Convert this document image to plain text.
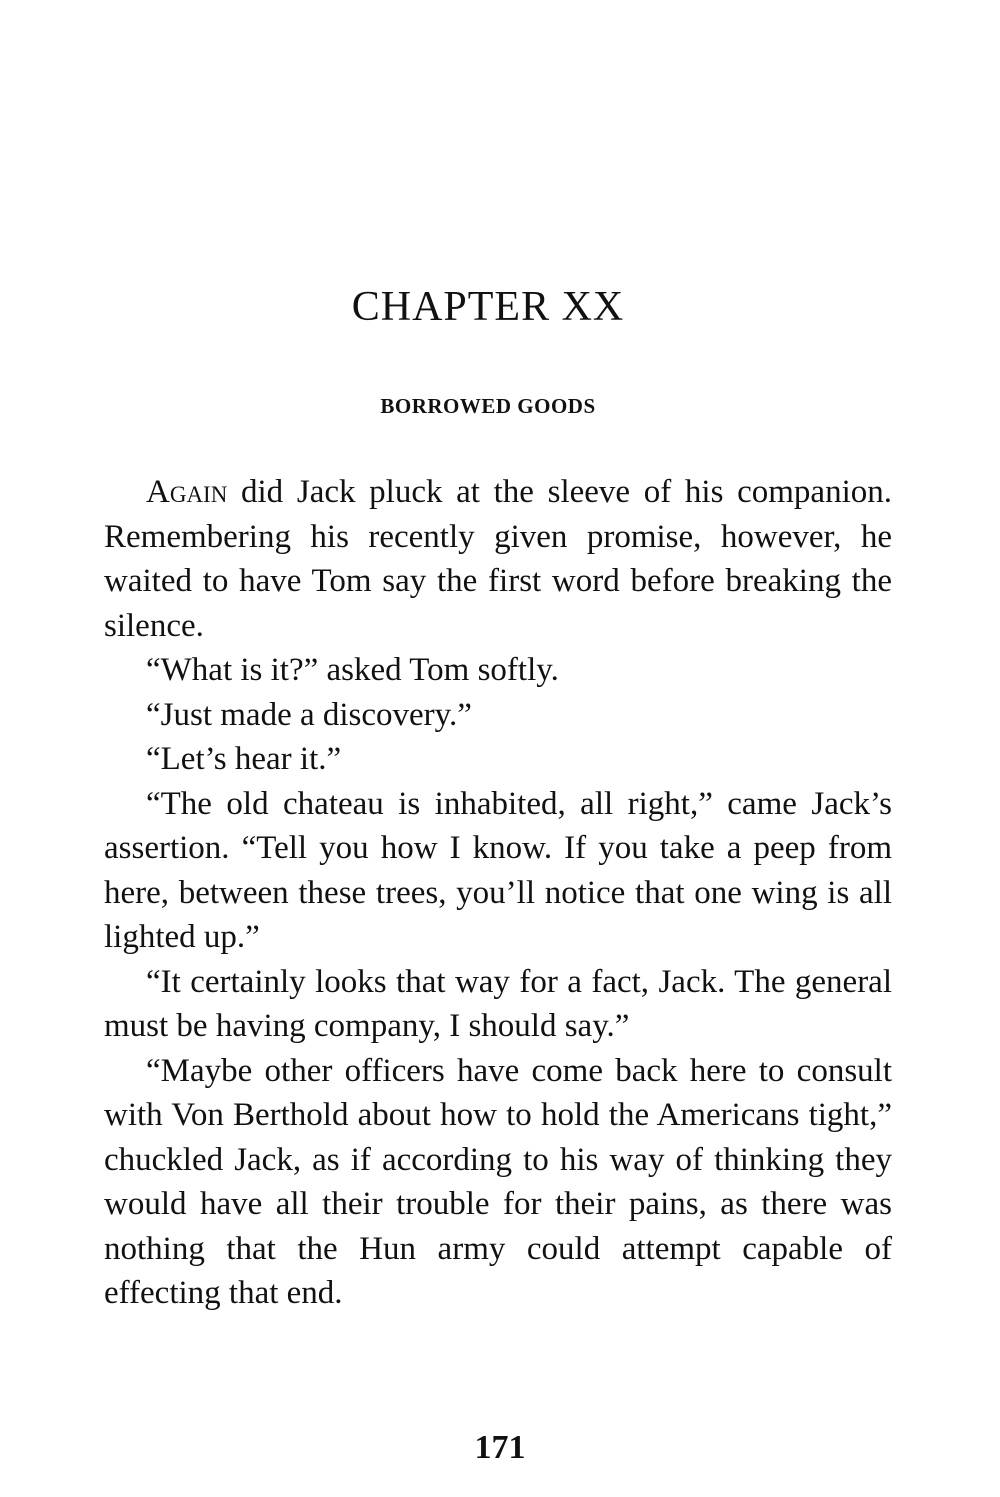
CHAPTER XX
BORROWED GOODS

Again did Jack pluck at the sleeve of his companion. Remembering his recently given promise, however, he waited to have Tom say the first word before breaking the silence.

“What is it?” asked Tom softly.

“Just made a discovery.”

“Let’s hear it.”

“The old chateau is inhabited, all right,” came Jack’s assertion. “Tell you how I know. If you take a peep from here, between these trees, you’ll notice that one wing is all lighted up.”

“It certainly looks that way for a fact, Jack. The general must be having company, I should say.”

“Maybe other officers have come back here to consult with Von Berthold about how to hold the Americans tight,” chuckled Jack, as if according to his way of thinking they would have all their trouble for their pains, as there was nothing that the Hun army could attempt capable of effecting that end.

171
